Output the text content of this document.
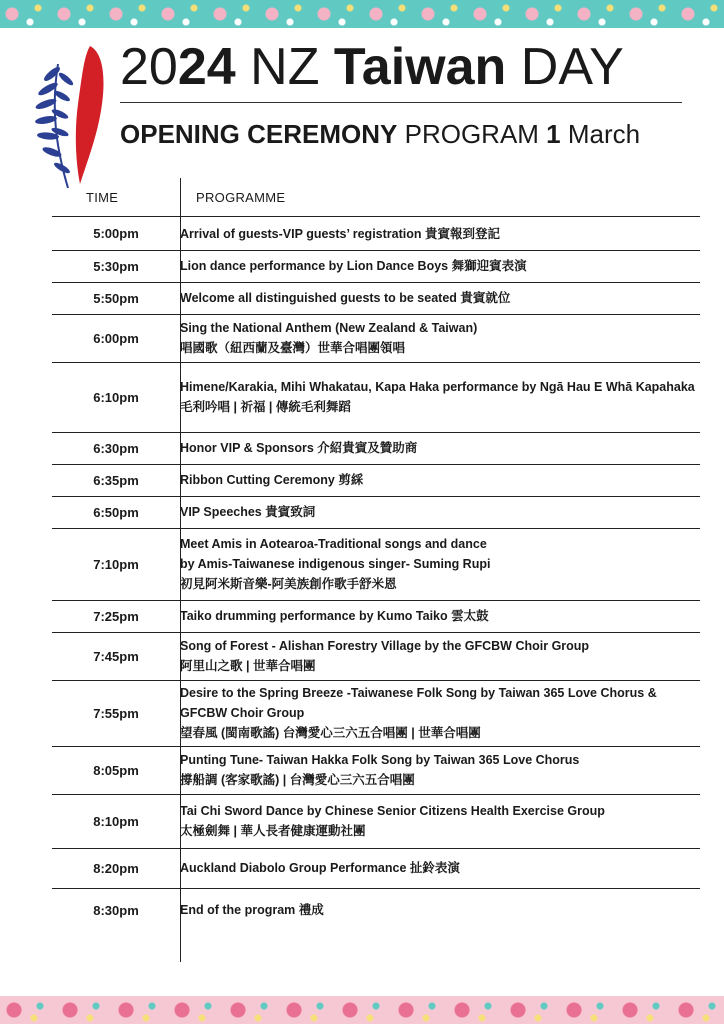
臺灣日
2024 NZ Taiwan DAY
OPENING CEREMONY PROGRAM 1 March
TIME	PROGRAMME
5:00pm	Arrival of guests-VIP guests’ registration 貴賓報到登記

5:30pm	Lion dance performance by Lion Dance Boys 舞獅迎賓表演

5:50pm	Welcome all distinguished guests to be seated 貴賓就位

6:00pm	Sing the National Anthem (New Zealand & Taiwan)
唱國歌（紐西蘭及臺灣）世華合唱團領唱

6:10pm	Himene/Karakia, Mihi Whakatau, Kapa Haka performance by Ngā Hau E Whā Kapahaka
毛利吟唱 | 祈福 | 傳統毛利舞蹈

6:30pm	Honor VIP & Sponsors 介紹貴賓及贊助商

6:35pm	Ribbon Cutting Ceremony 剪綵

6:50pm	VIP Speeches 貴賓致詞

7:10pm	Meet Amis in Aotearoa-Traditional songs and dance
by Amis-Taiwanese indigenous singer- Suming Rupi
初見阿米斯音樂-阿美族創作歌手舒米恩

7:25pm	Taiko drumming performance by Kumo Taiko 雲太鼓

7:45pm	Song of Forest - Alishan Forestry Village by the GFCBW Choir Group
阿里山之歌 | 世華合唱團

7:55pm	Desire to the Spring Breeze -Taiwanese Folk Song by Taiwan 365 Love Chorus & GFCBW Choir Group
望春風 (閩南歌謠) 台灣愛心三六五合唱團 | 世華合唱團

8:05pm	Punting Tune- Taiwan Hakka Folk Song by Taiwan 365 Love Chorus
撐船調 (客家歌謠) | 台灣愛心三六五合唱團

8:10pm	Tai Chi Sword Dance by Chinese Senior Citizens Health Exercise Group
太極劍舞 | 華人長者健康運動社團

8:20pm	Auckland Diabolo Group Performance 扯鈴表演

8:30pm	End of the program 禮成
